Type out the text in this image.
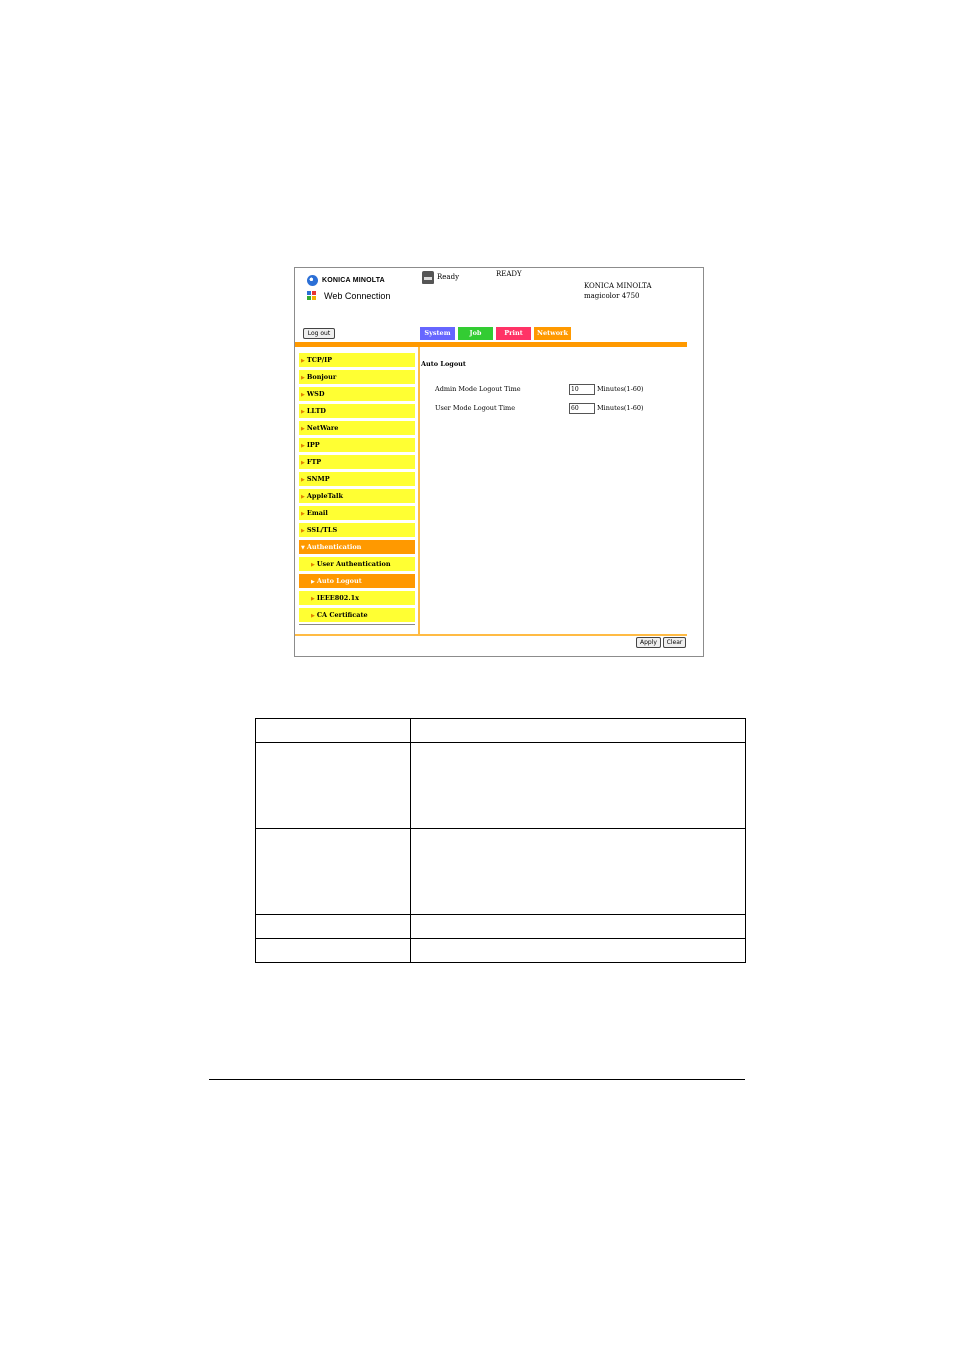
KONICA MINOLTA
Web Connection
Ready	READY
KONICA MINOLTA
magicolor 4750
Log out	System	Job	Print	Network
▶ TCP/IP
▶ Bonjour
▶ WSD
▶ LLTD
▶ NetWare
▶ IPP
▶ FTP
▶ SNMP
▶ AppleTalk
▶ Email
▶ SSL/TLS
▼ Authentication
▶ User Authentication
▶ Auto Logout
▶ IEEE802.1x
▶ CA Certificate
Auto Logout
Admin Mode Logout Time
10	Minutes(1-60)
User Mode Logout Time
60	Minutes(1-60)
Apply	Clear
